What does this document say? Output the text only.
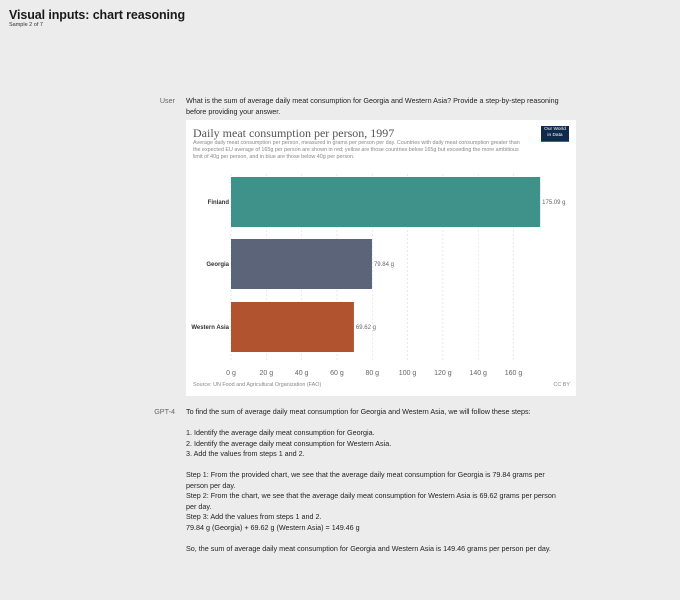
Visual inputs: chart reasoning
Sample 2 of 7
User What is the sum of average daily meat consumption for Georgia and Western Asia? Provide a step-by-step reasoning
before providing your answer.
Daily meat consumption per person, 1997
Average daily meat consumption per person, measured in grams per person per day. Countries with daily meat consumption greater than the expected EU average of 165g per person are shown in red; yellow are those countries below 165g but exceeding the more ambitious limit of 40g per person, and in blue are those below 40g per person.
Our World
in Data
0 g	20 g	40 g	60 g	80 g	100 g	120 g	140 g	160 g
Finland	175.09 g
Georgia	79.84 g
Western Asia	69.62 g
Source: UN Food and Agricultural Organization (FAO)	CC BY
GPT-4 To find the sum of average daily meat consumption for Georgia and Western Asia, we will follow these steps:

1. Identify the average daily meat consumption for Georgia.

2. Identify the average daily meat consumption for Western Asia.

3. Add the values from steps 1 and 2.

Step 1: From the provided chart, we see that the average daily meat consumption for Georgia is 79.84 grams per

person per day.

Step 2: From the chart, we see that the average daily meat consumption for Western Asia is 69.62 grams per person

per day.

Step 3: Add the values from steps 1 and 2.

79.84 g (Georgia) + 69.62 g (Western Asia) = 149.46 g

So, the sum of average daily meat consumption for Georgia and Western Asia is 149.46 grams per person per day.
